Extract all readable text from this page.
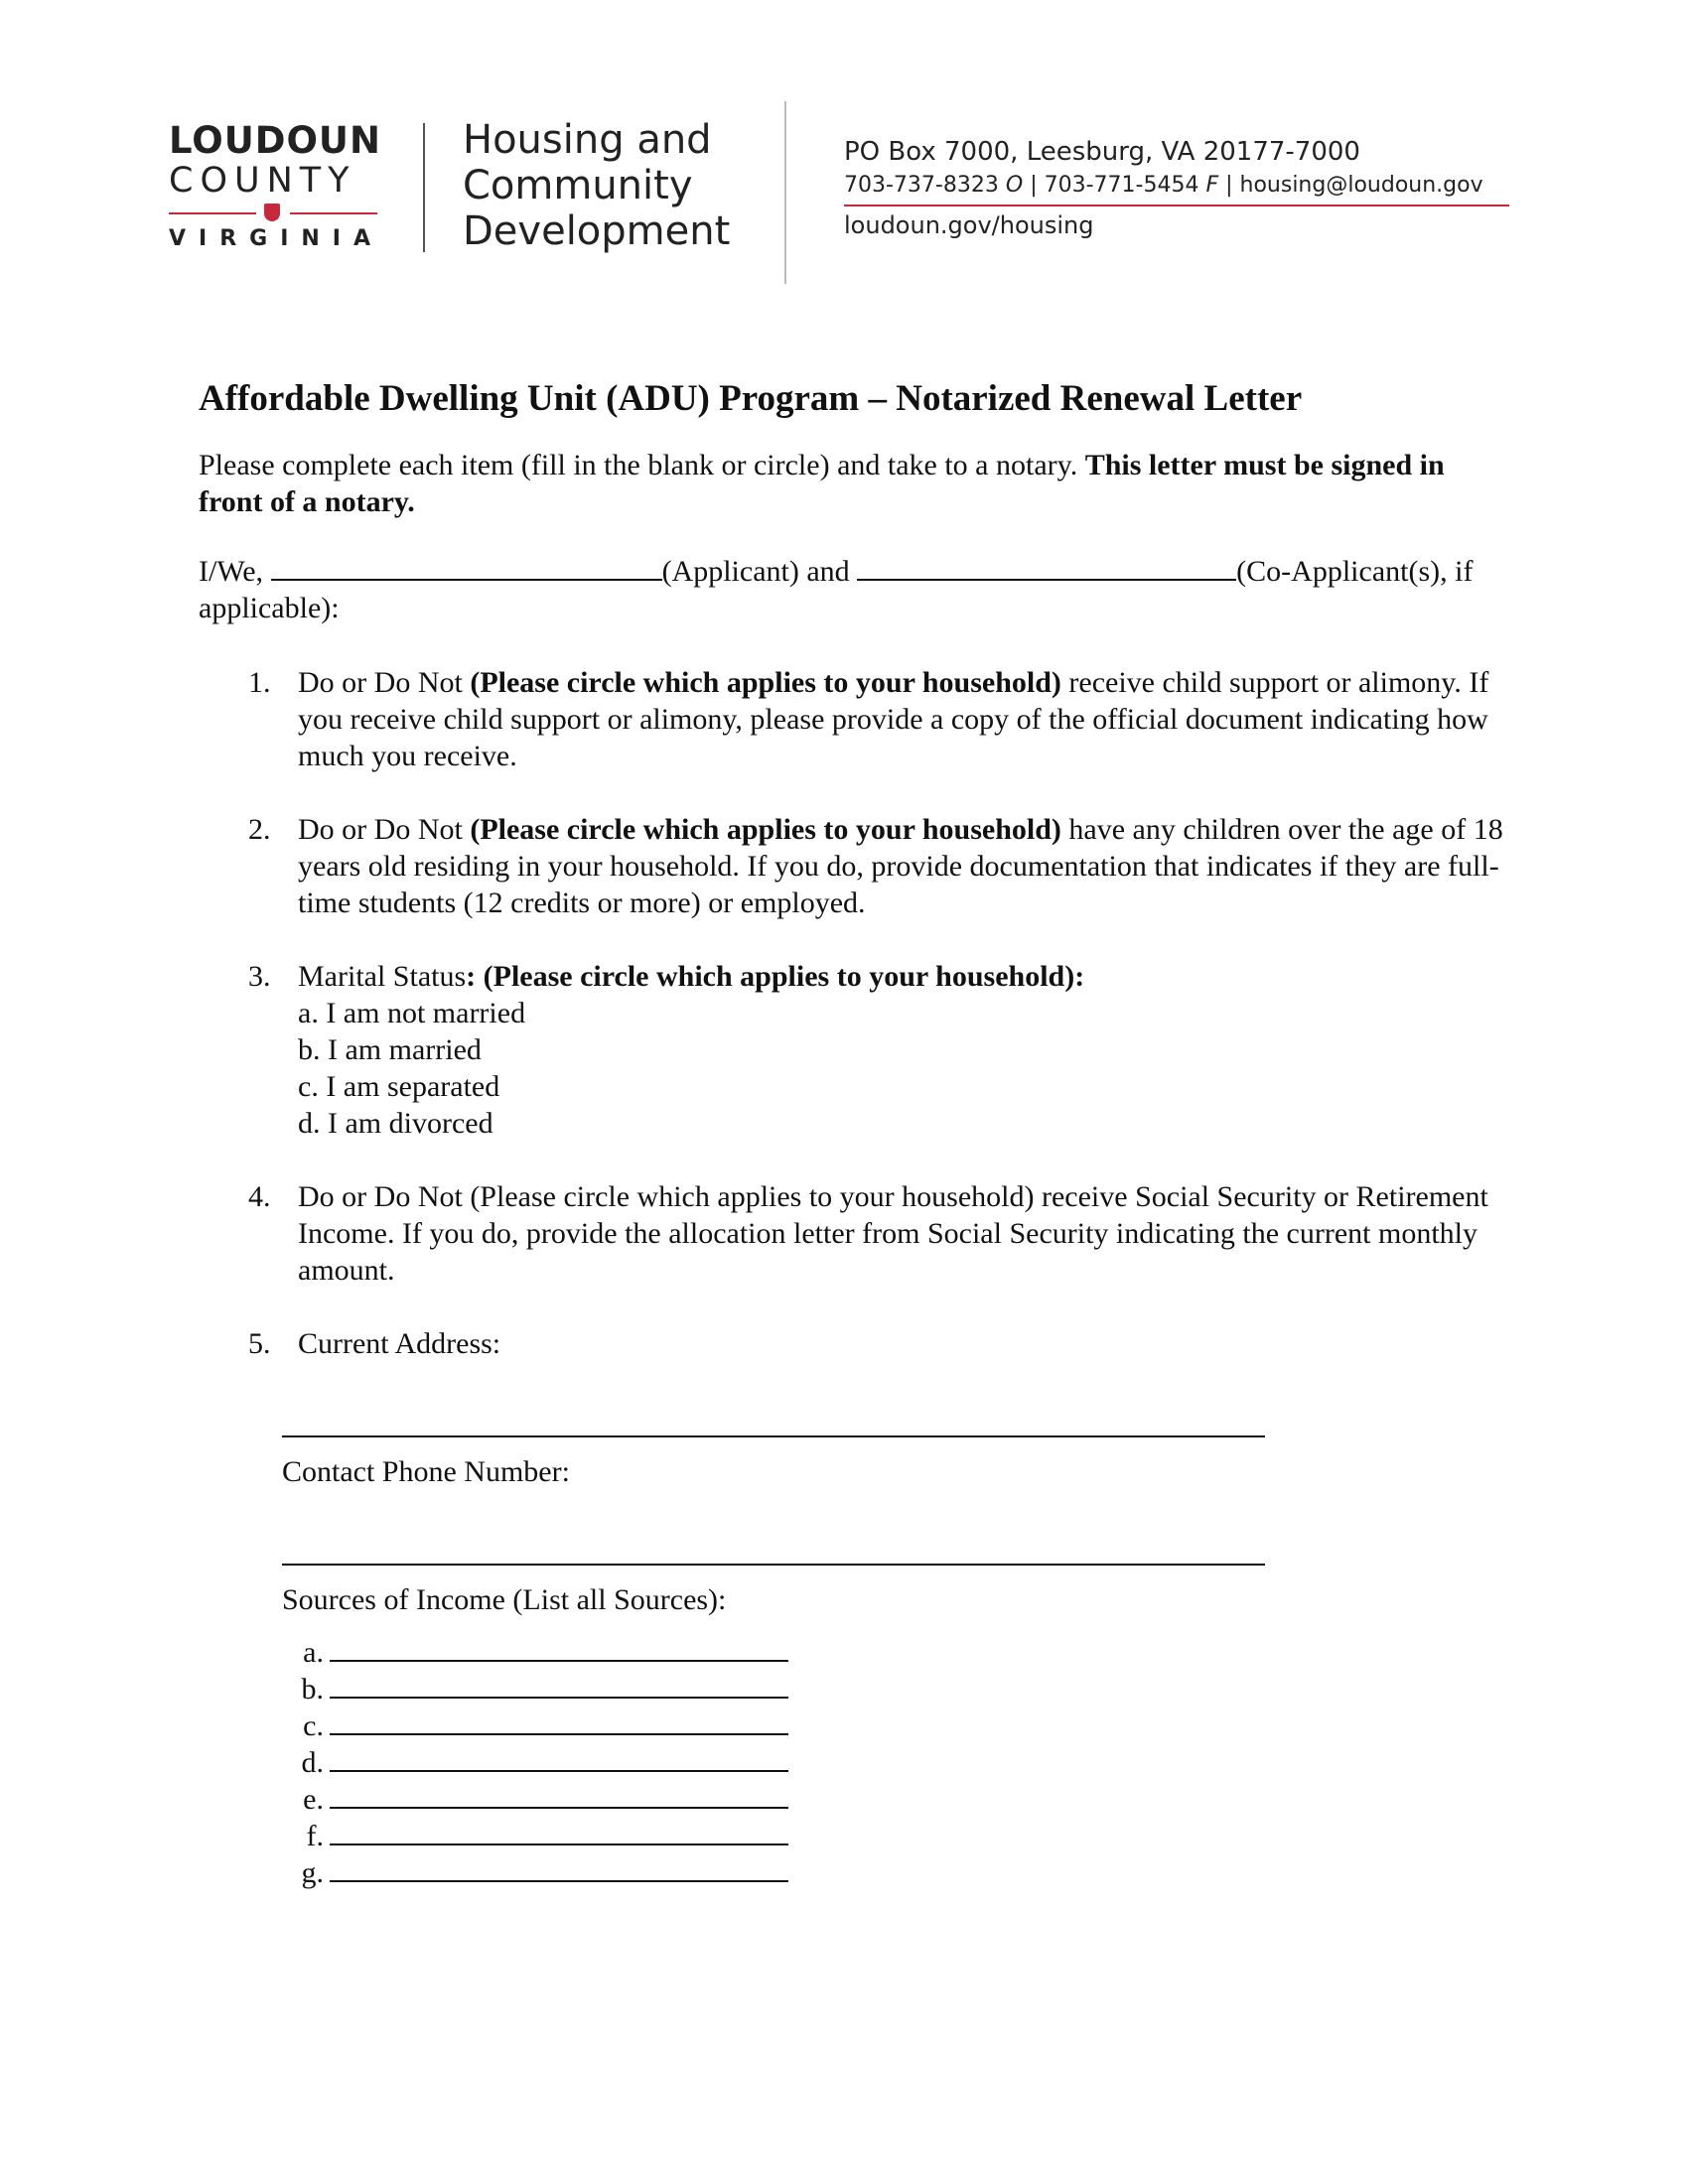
LOUDOUN
COUNTY
VIRGINIA
Housing and
Community
Development
PO Box 7000, Leesburg, VA 20177-7000
703-737-8323 O | 703-771-5454 F | housing@loudoun.gov
loudoun.gov/housing
Affordable Dwelling Unit (ADU) Program – Notarized Renewal Letter
Please complete each item (fill in the blank or circle) and take to a notary. This letter must be signed in front of a notary.
I/We,	(Applicant) and	(Co-Applicant(s), if applicable):
1. Do or Do Not (Please circle which applies to your household) receive child support or alimony. If you receive child support or alimony, please provide a copy of the official document indicating how much you receive.
2. Do or Do Not (Please circle which applies to your household) have any children over the age of 18 years old residing in your household. If you do, provide documentation that indicates if they are full-time students (12 credits or more) or employed.
3. Marital Status: (Please circle which applies to your household):
a. I am not married
b. I am married
c. I am separated
d. I am divorced
4. Do or Do Not (Please circle which applies to your household) receive Social Security or Retirement Income. If you do, provide the allocation letter from Social Security indicating the current monthly amount.
5. Current Address:
Contact Phone Number:
Sources of Income (List all Sources):
a.
b.
c.
d.
e.
f.
g.
